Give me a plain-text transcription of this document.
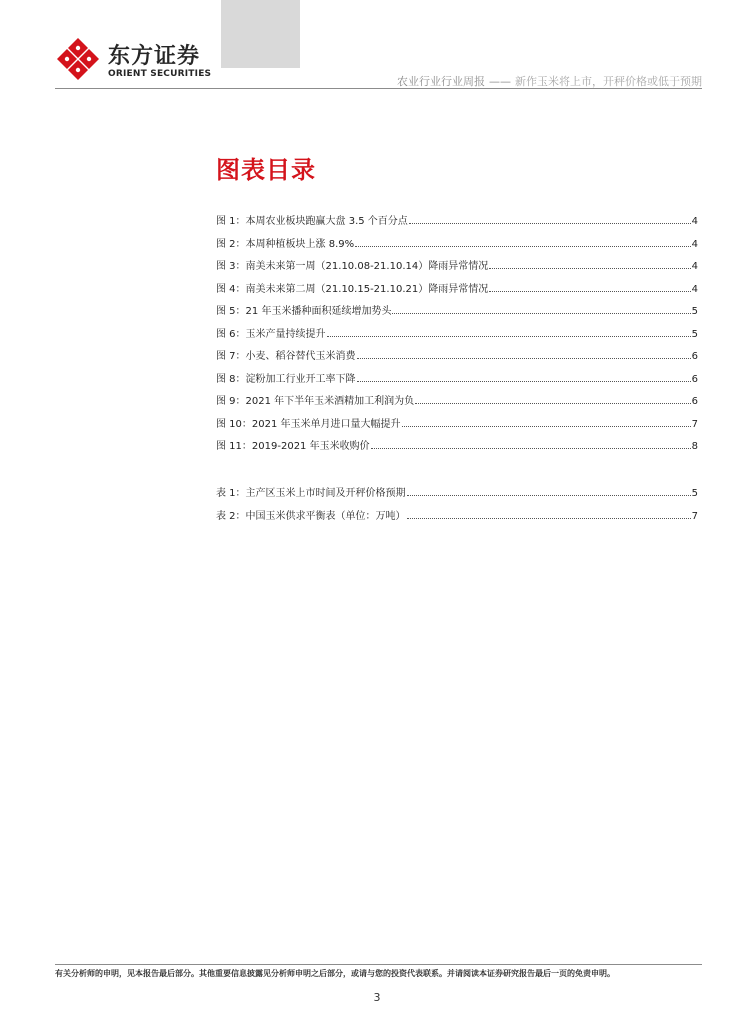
东方证券
ORIENT SECURITIES
农业行业行业周报 —— 新作玉米将上市，开秤价格或低于预期
图表目录
图 1： 本周农业板块跑赢大盘 3.5 个百分点	4
图 2： 本周种植板块上涨 8.9%	4
图 3： 南美未来第一周（21.10.08-21.10.14）降雨异常情况	4
图 4： 南美未来第二周（21.10.15-21.10.21）降雨异常情况	4
图 5： 21 年玉米播种面积延续增加势头	5
图 6： 玉米产量持续提升	5
图 7： 小麦、稻谷替代玉米消费	6
图 8： 淀粉加工行业开工率下降	6
图 9： 2021 年下半年玉米酒精加工利润为负	6
图 10： 2021 年玉米单月进口量大幅提升	7
图 11： 2019-2021 年玉米收购价	8
表 1： 主产区玉米上市时间及开秤价格预期	5
表 2： 中国玉米供求平衡表（单位：万吨）	7
有关分析师的申明，见本报告最后部分。其他重要信息披露见分析师申明之后部分，或请与您的投资代表联系。并请阅读本证券研究报告最后一页的免责申明。
3
